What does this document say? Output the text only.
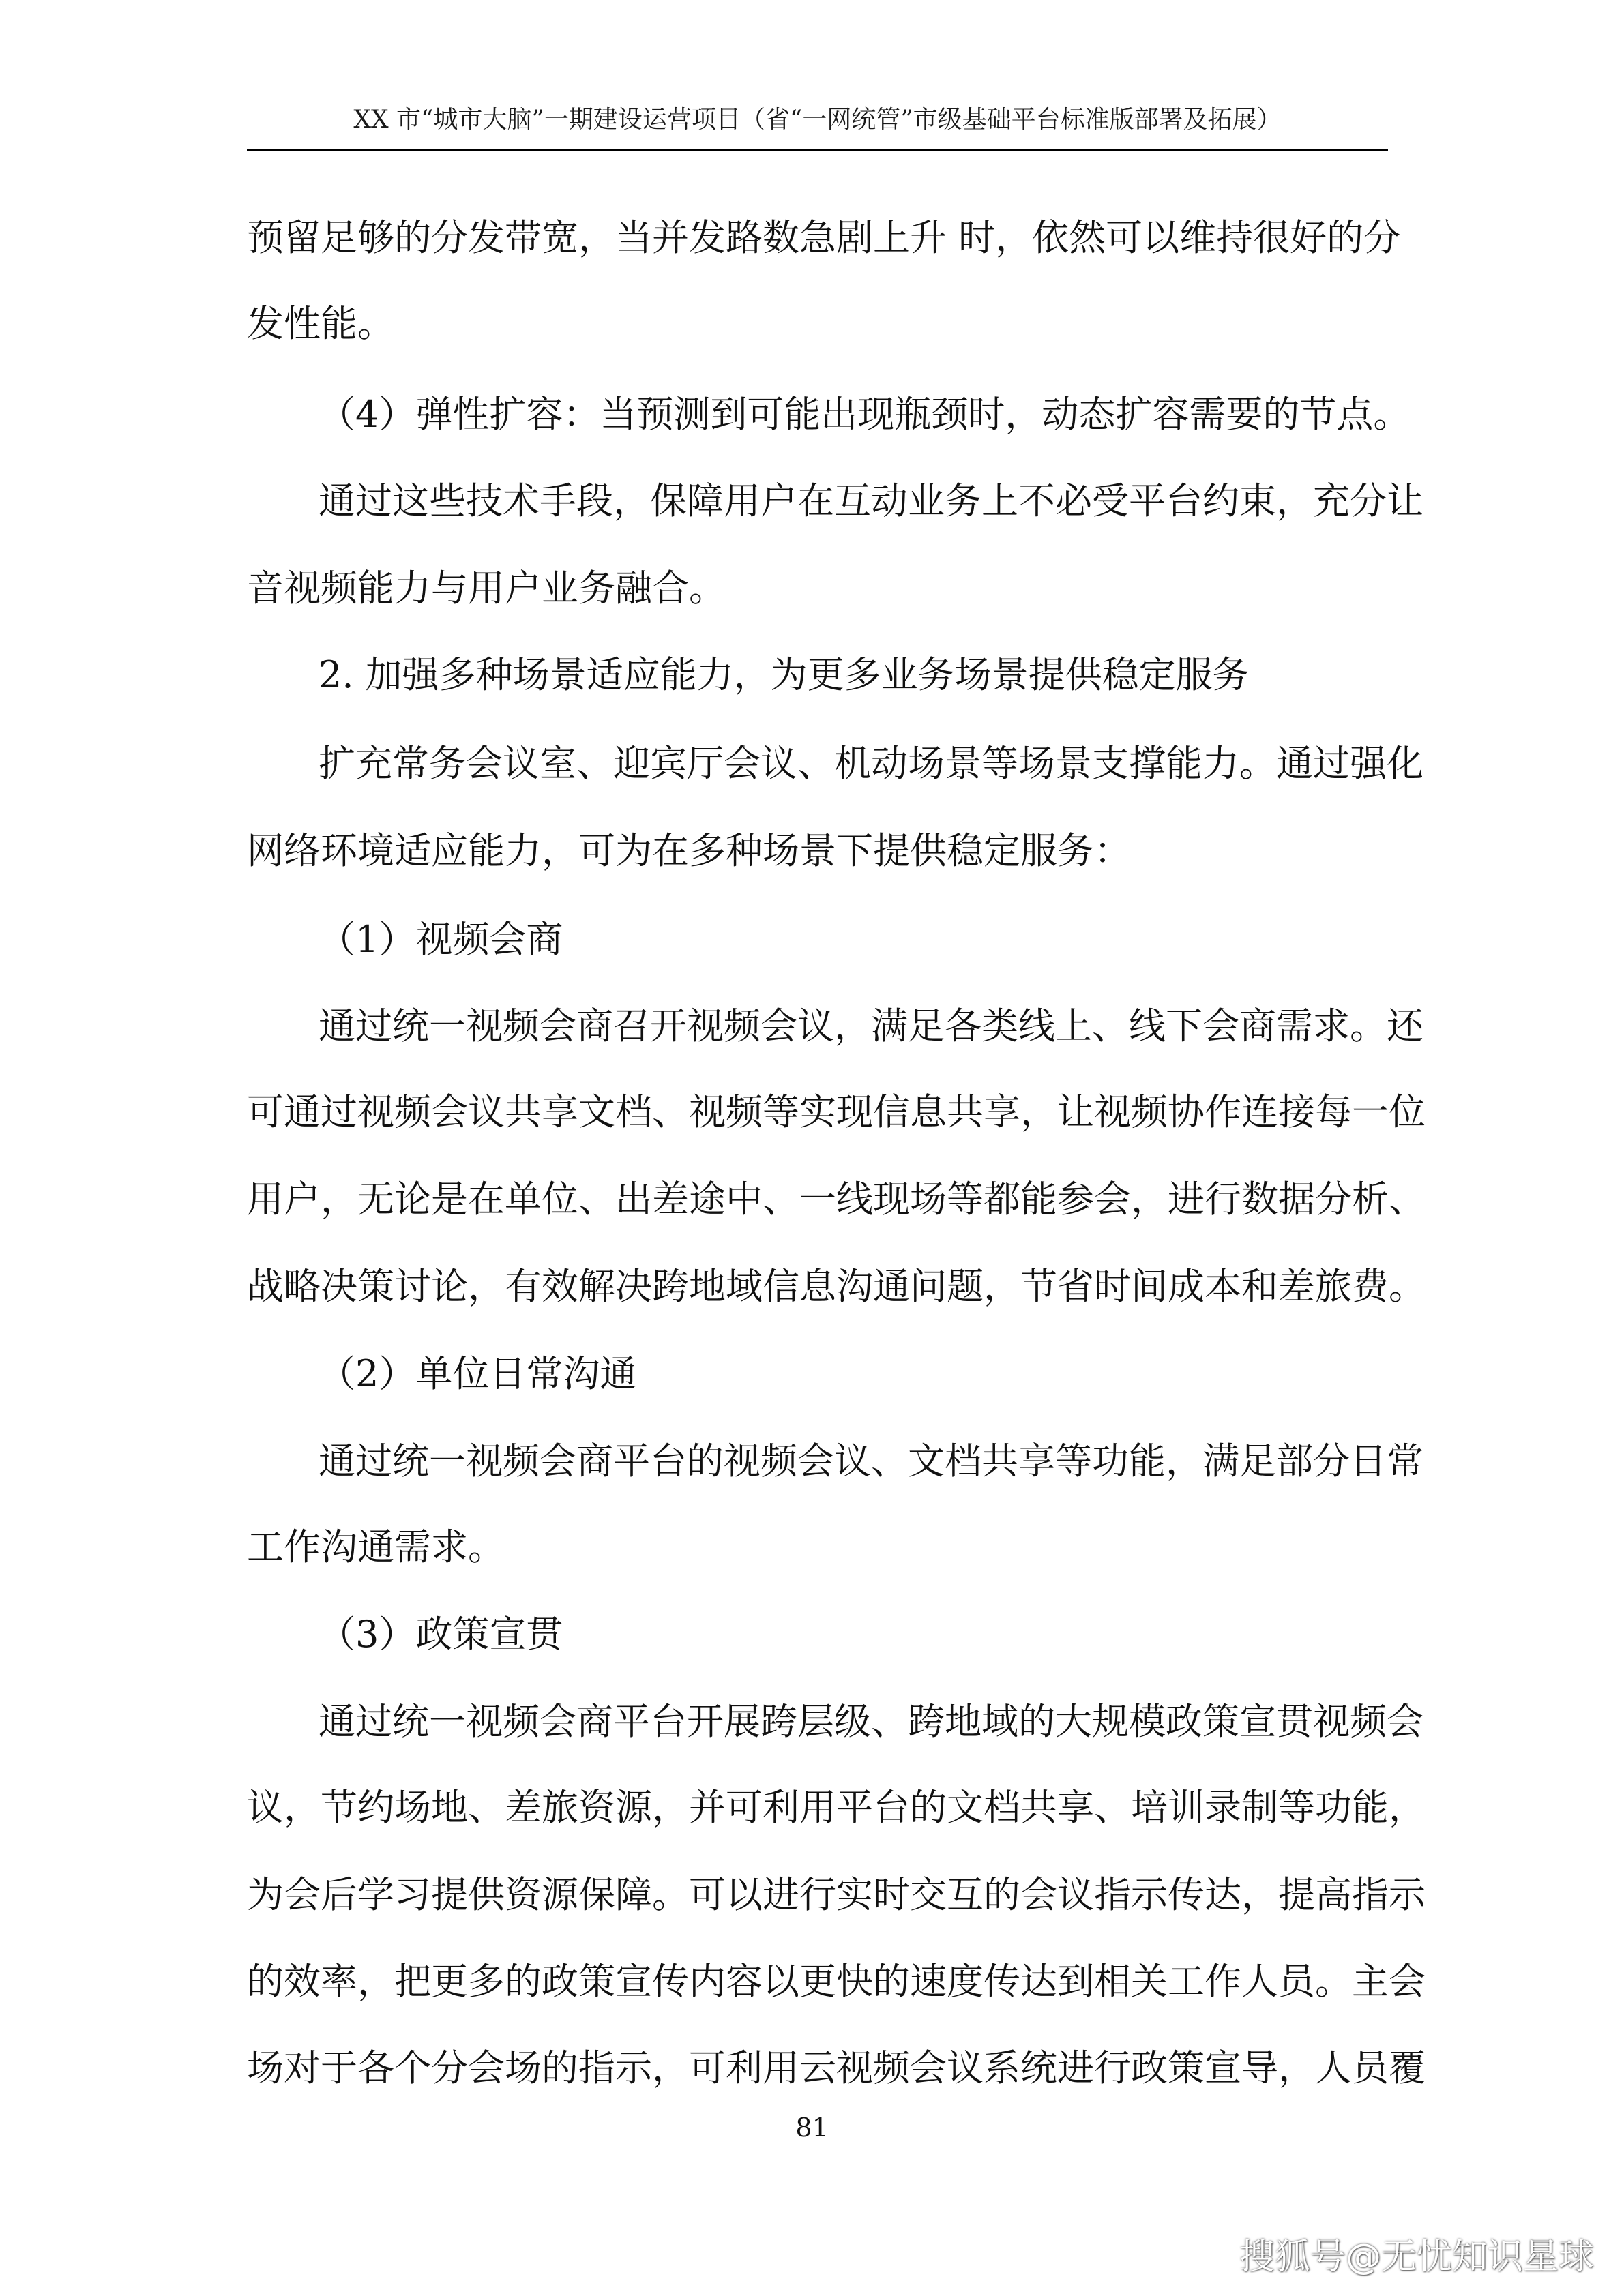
XX 市“城市大脑”一期建设运营项目（省“一网统管”市级基础平台标准版部署及拓展）
预留足够的分发带宽，当并发路数急剧上升 时，依然可以维持很好的分
发性能。
（4）弹性扩容：当预测到可能出现瓶颈时，动态扩容需要的节点。
通过这些技术手段，保障用户在互动业务上不必受平台约束，充分让
音视频能力与用户业务融合。
2. 加强多种场景适应能力，为更多业务场景提供稳定服务
扩充常务会议室、迎宾厅会议、机动场景等场景支撑能力。通过强化
网络环境适应能力，可为在多种场景下提供稳定服务：
（1）视频会商
通过统一视频会商召开视频会议，满足各类线上、线下会商需求。还
可通过视频会议共享文档、视频等实现信息共享，让视频协作连接每一位
用户，无论是在单位、出差途中、一线现场等都能参会，进行数据分析、
战略决策讨论，有效解决跨地域信息沟通问题，节省时间成本和差旅费。
（2）单位日常沟通
通过统一视频会商平台的视频会议、文档共享等功能，满足部分日常
工作沟通需求。
（3）政策宣贯
通过统一视频会商平台开展跨层级、跨地域的大规模政策宣贯视频会
议，节约场地、差旅资源，并可利用平台的文档共享、培训录制等功能，
为会后学习提供资源保障。可以进行实时交互的会议指示传达，提高指示
的效率，把更多的政策宣传内容以更快的速度传达到相关工作人员。主会
场对于各个分会场的指示，可利用云视频会议系统进行政策宣导，人员覆
81
搜狐号@无忧知识星球
